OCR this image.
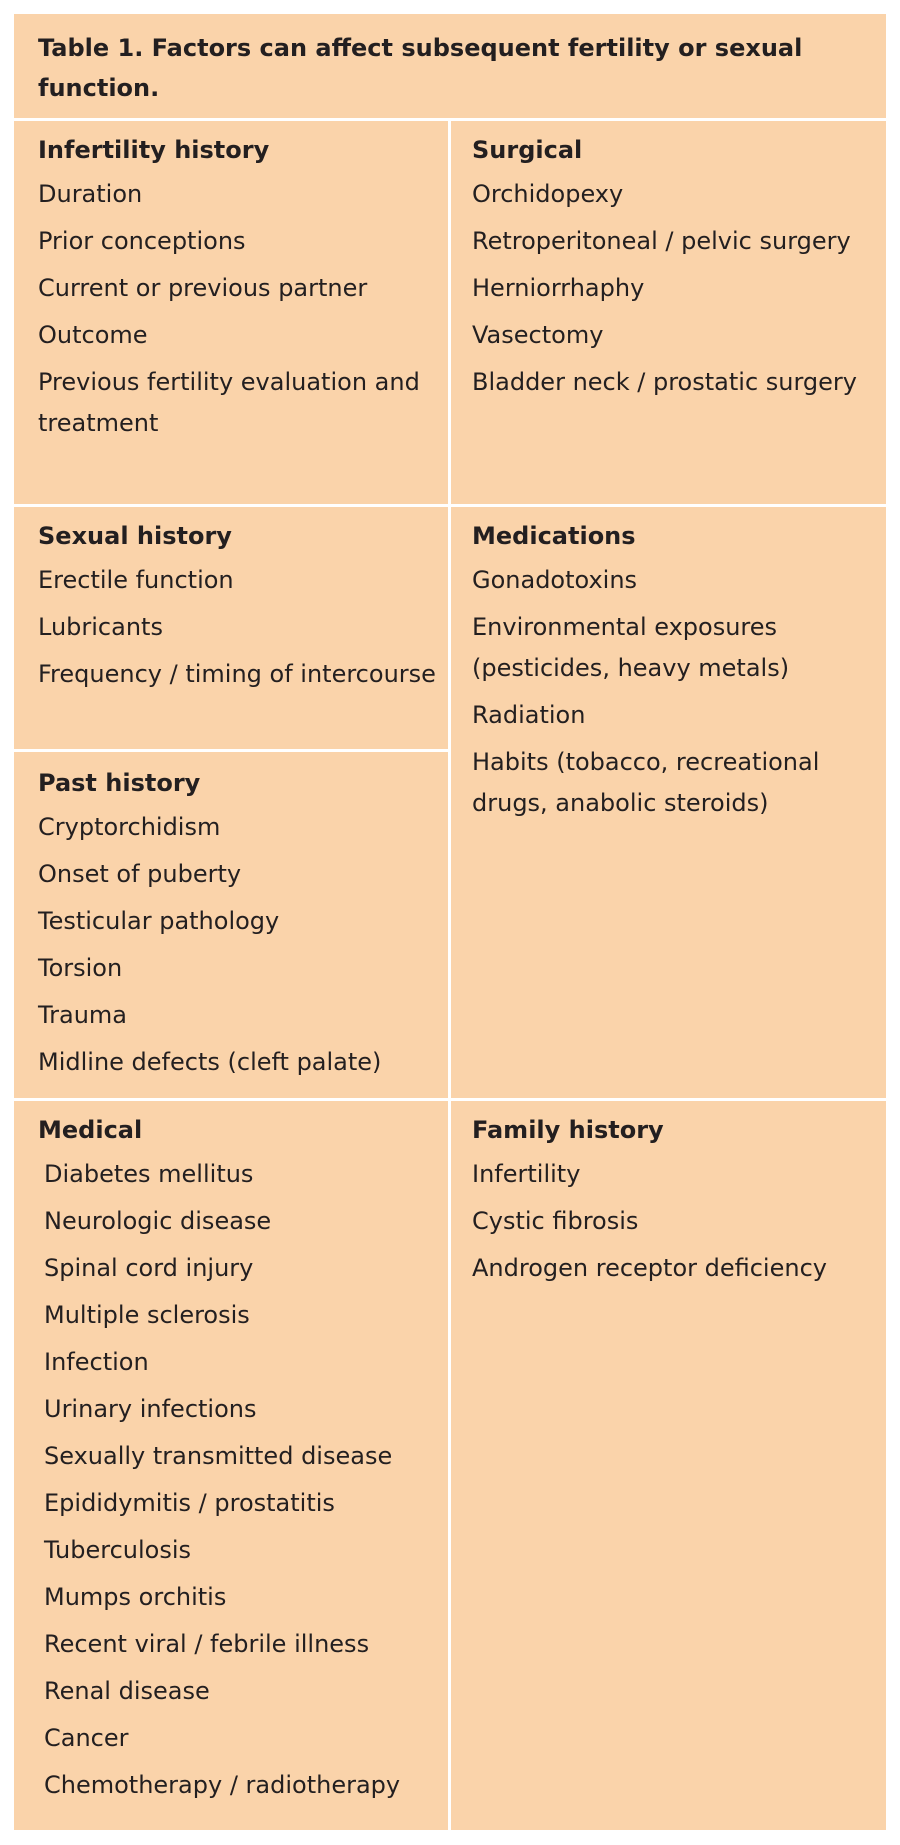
Table 1. Factors can affect subsequent fertility or sexual function.
Infertility history
Duration
Prior conceptions
Current or previous partner
Outcome
Previous fertility evaluation and treatment
Surgical
Orchidopexy
Retroperitoneal / pelvic surgery
Herniorrhaphy
Vasectomy
Bladder neck / prostatic surgery
Sexual history
Erectile function
Lubricants
Frequency / timing of intercourse
Medications
Gonadotoxins
Environmental exposures (pesticides, heavy metals)
Radiation
Habits (tobacco, recreational drugs, anabolic steroids)
Past history
Cryptorchidism
Onset of puberty
Testicular pathology
Torsion
Trauma
Midline defects (cleft palate)
Medical
Diabetes mellitus
Neurologic disease
Spinal cord injury
Multiple sclerosis
Infection
Urinary infections
Sexually transmitted disease
Epididymitis / prostatitis
Tuberculosis
Mumps orchitis
Recent viral / febrile illness
Renal disease
Cancer
Chemotherapy / radiotherapy
Family history
Infertility
Cystic fibrosis
Androgen receptor deficiency
